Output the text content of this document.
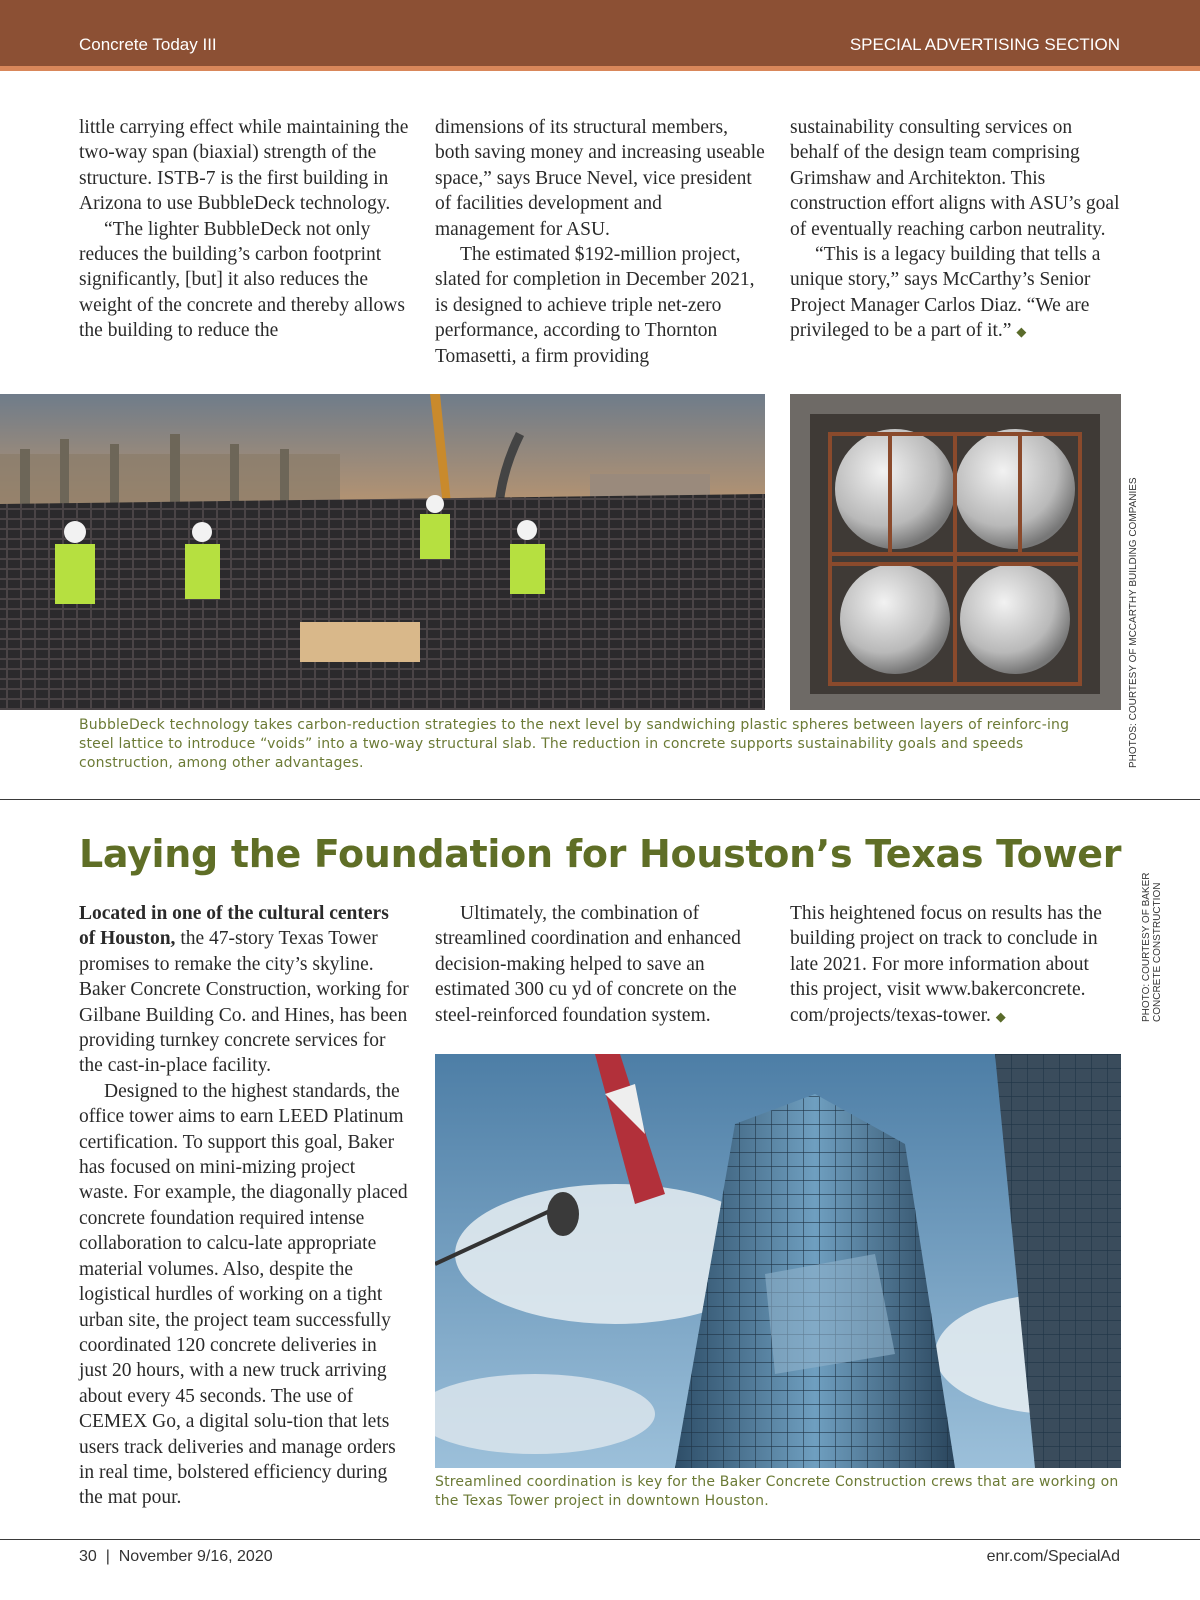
Concrete Today III	SPECIAL ADVERTISING SECTION

little carrying effect while maintaining the two-way span (biaxial) strength of the structure. ISTB-7 is the first building in Arizona to use BubbleDeck technology.

“The lighter BubbleDeck not only reduces the building’s carbon footprint significantly, [but] it also reduces the weight of the concrete and thereby allows the building to reduce the

dimensions of its structural members, both saving money and increasing useable space,” says Bruce Nevel, vice president of facilities development and management for ASU.

The estimated $192-million project, slated for completion in December 2021, is designed to achieve triple net-zero performance, according to Thornton Tomasetti, a firm providing

sustainability consulting services on behalf of the design team comprising Grimshaw and Architekton. This construction effort aligns with ASU’s goal of eventually reaching carbon neutrality.

“This is a legacy building that tells a unique story,” says McCarthy’s Senior Project Manager Carlos Diaz. “We are privileged to be a part of it.” ◆

BubbleDeck technology takes carbon-reduction strategies to the next level by sandwiching plastic spheres between layers of reinforc-ing steel lattice to introduce “voids” into a two-way structural slab. The reduction in concrete supports sustainability goals and speeds construction, among other advantages.	PHOTOS: COURTESY OF MCCARTHY BUILDING COMPANIES
Laying the Foundation for Houston’s Texas Tower

Located in one of the cultural centers of Houston, the 47-story Texas Tower promises to remake the city’s skyline. Baker Concrete Construction, working for Gilbane Building Co. and Hines, has been providing turnkey concrete services for the cast-in-place facility.

Designed to the highest standards, the office tower aims to earn LEED Platinum certification. To support this goal, Baker has focused on mini-mizing project waste. For example, the diagonally placed concrete foundation required intense collaboration to calcu-late appropriate material volumes. Also, despite the logistical hurdles of working on a tight urban site, the project team successfully coordinated 120 concrete deliveries in just 20 hours, with a new truck arriving about every 45 seconds. The use of CEMEX Go, a digital solu-tion that lets users track deliveries and manage orders in real time, bolstered efficiency during the mat pour.

Ultimately, the combination of streamlined coordination and enhanced decision-making helped to save an estimated 300 cu yd of concrete on the steel-reinforced foundation system.

This heightened focus on results has the building project on track to conclude in late 2021. For more information about this project, visit www.bakerconcrete. com/projects/texas-tower. ◆	PHOTO: COURTESY OF BAKER
CONCRETE CONSTRUCTION

Streamlined coordination is key for the Baker Concrete Construction crews that are working on the Texas Tower project in downtown Houston.

30  |  November 9/16, 2020	enr.com/SpecialAd
